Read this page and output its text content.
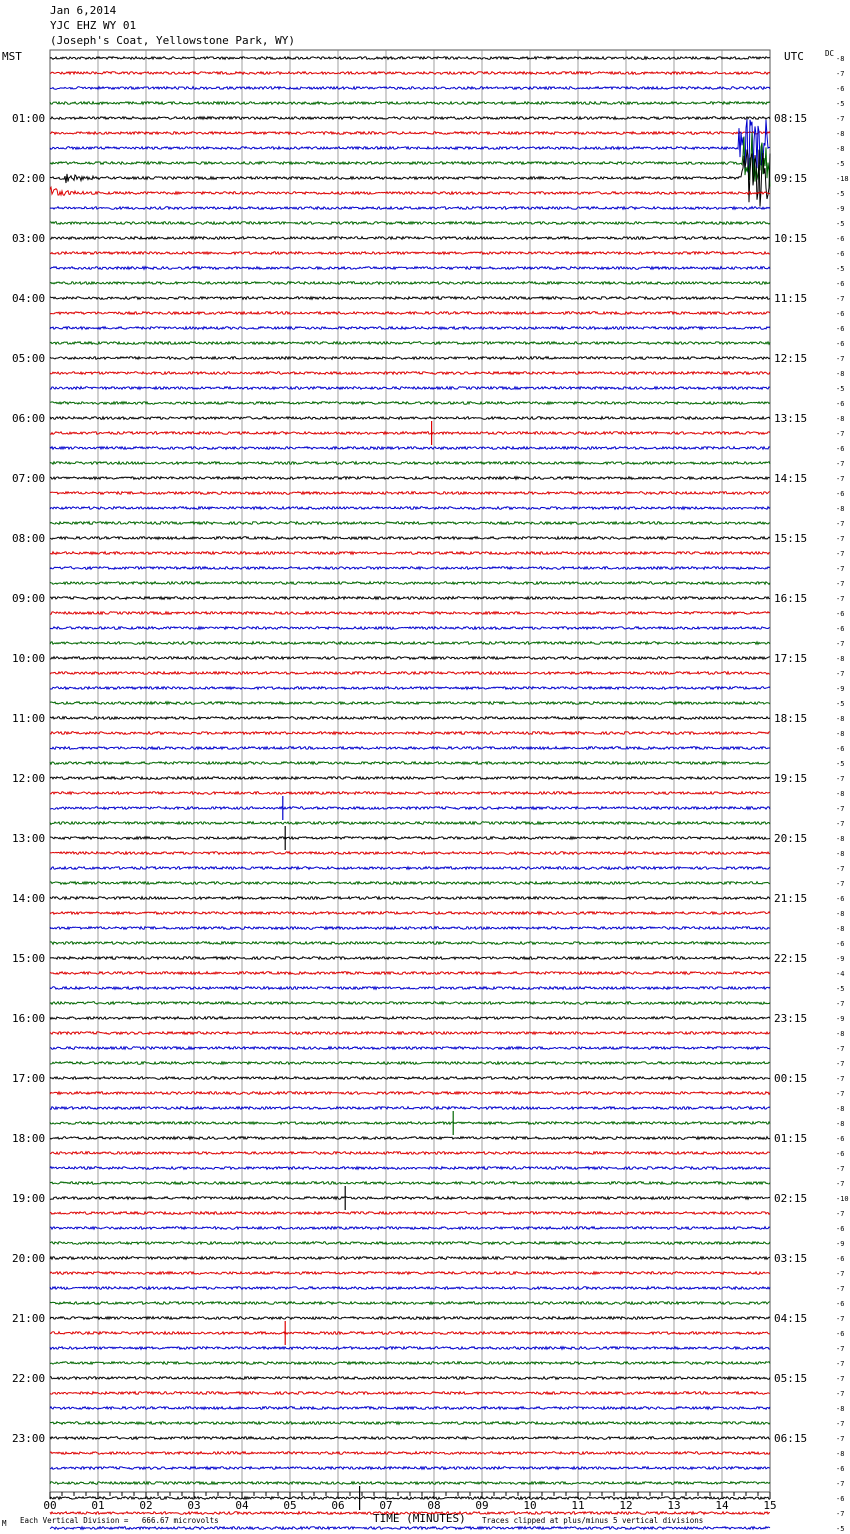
Jan 6,2014
YJC EHZ WY 01
(Joseph's Coat, Yellowstone Park, WY)
MST	UTC	DC
-8
-7
-6
-5
-7
-8
-8
-5
-18
-5
-9
-5
-6
-6
-5
-6
-7
-6
-6
-6
-7
-8
-5
-6
-8
-7
-6
-7
-7
-6
-8
-7
-7
-7
-7
-7
-7
-6
-6
-7
-8
-7
-9
-5
-8
-8
-6
-5
-7
-8
-7
-7
-8
-8
-7
-7
-6
-8
-8
-6
-9
-4
-5
-7
-9
-8
-7
-7
-7
-7
-8
-8
-6
-6
-7
-7
-10
-7
-6
-9
-6
-7
-7
-6
-7
-6
-7
-7
-7
-7
-8
-7
-7
-8
-6
-7
-6
-7
-5
01:00
02:00
03:00
04:00
05:00
06:00
07:00
08:00
09:00
10:00
11:00
12:00
13:00
14:00
15:00
16:00
17:00
18:00
19:00
20:00
21:00
22:00
23:00
08:15
09:15
10:15
11:15
12:15
13:15
14:15
15:15
16:15
17:15
18:15
19:15
20:15
21:15
22:15
23:15
00:15
01:15
02:15
03:15
04:15
05:15
06:15
00	01	02	03	04	05	06	07	08	09	10	11	12	13	14	15
TIME (MINUTES)
Each Vertical Division =   666.67 microvolts	Traces clipped at plus/minus 5 vertical divisions
M
